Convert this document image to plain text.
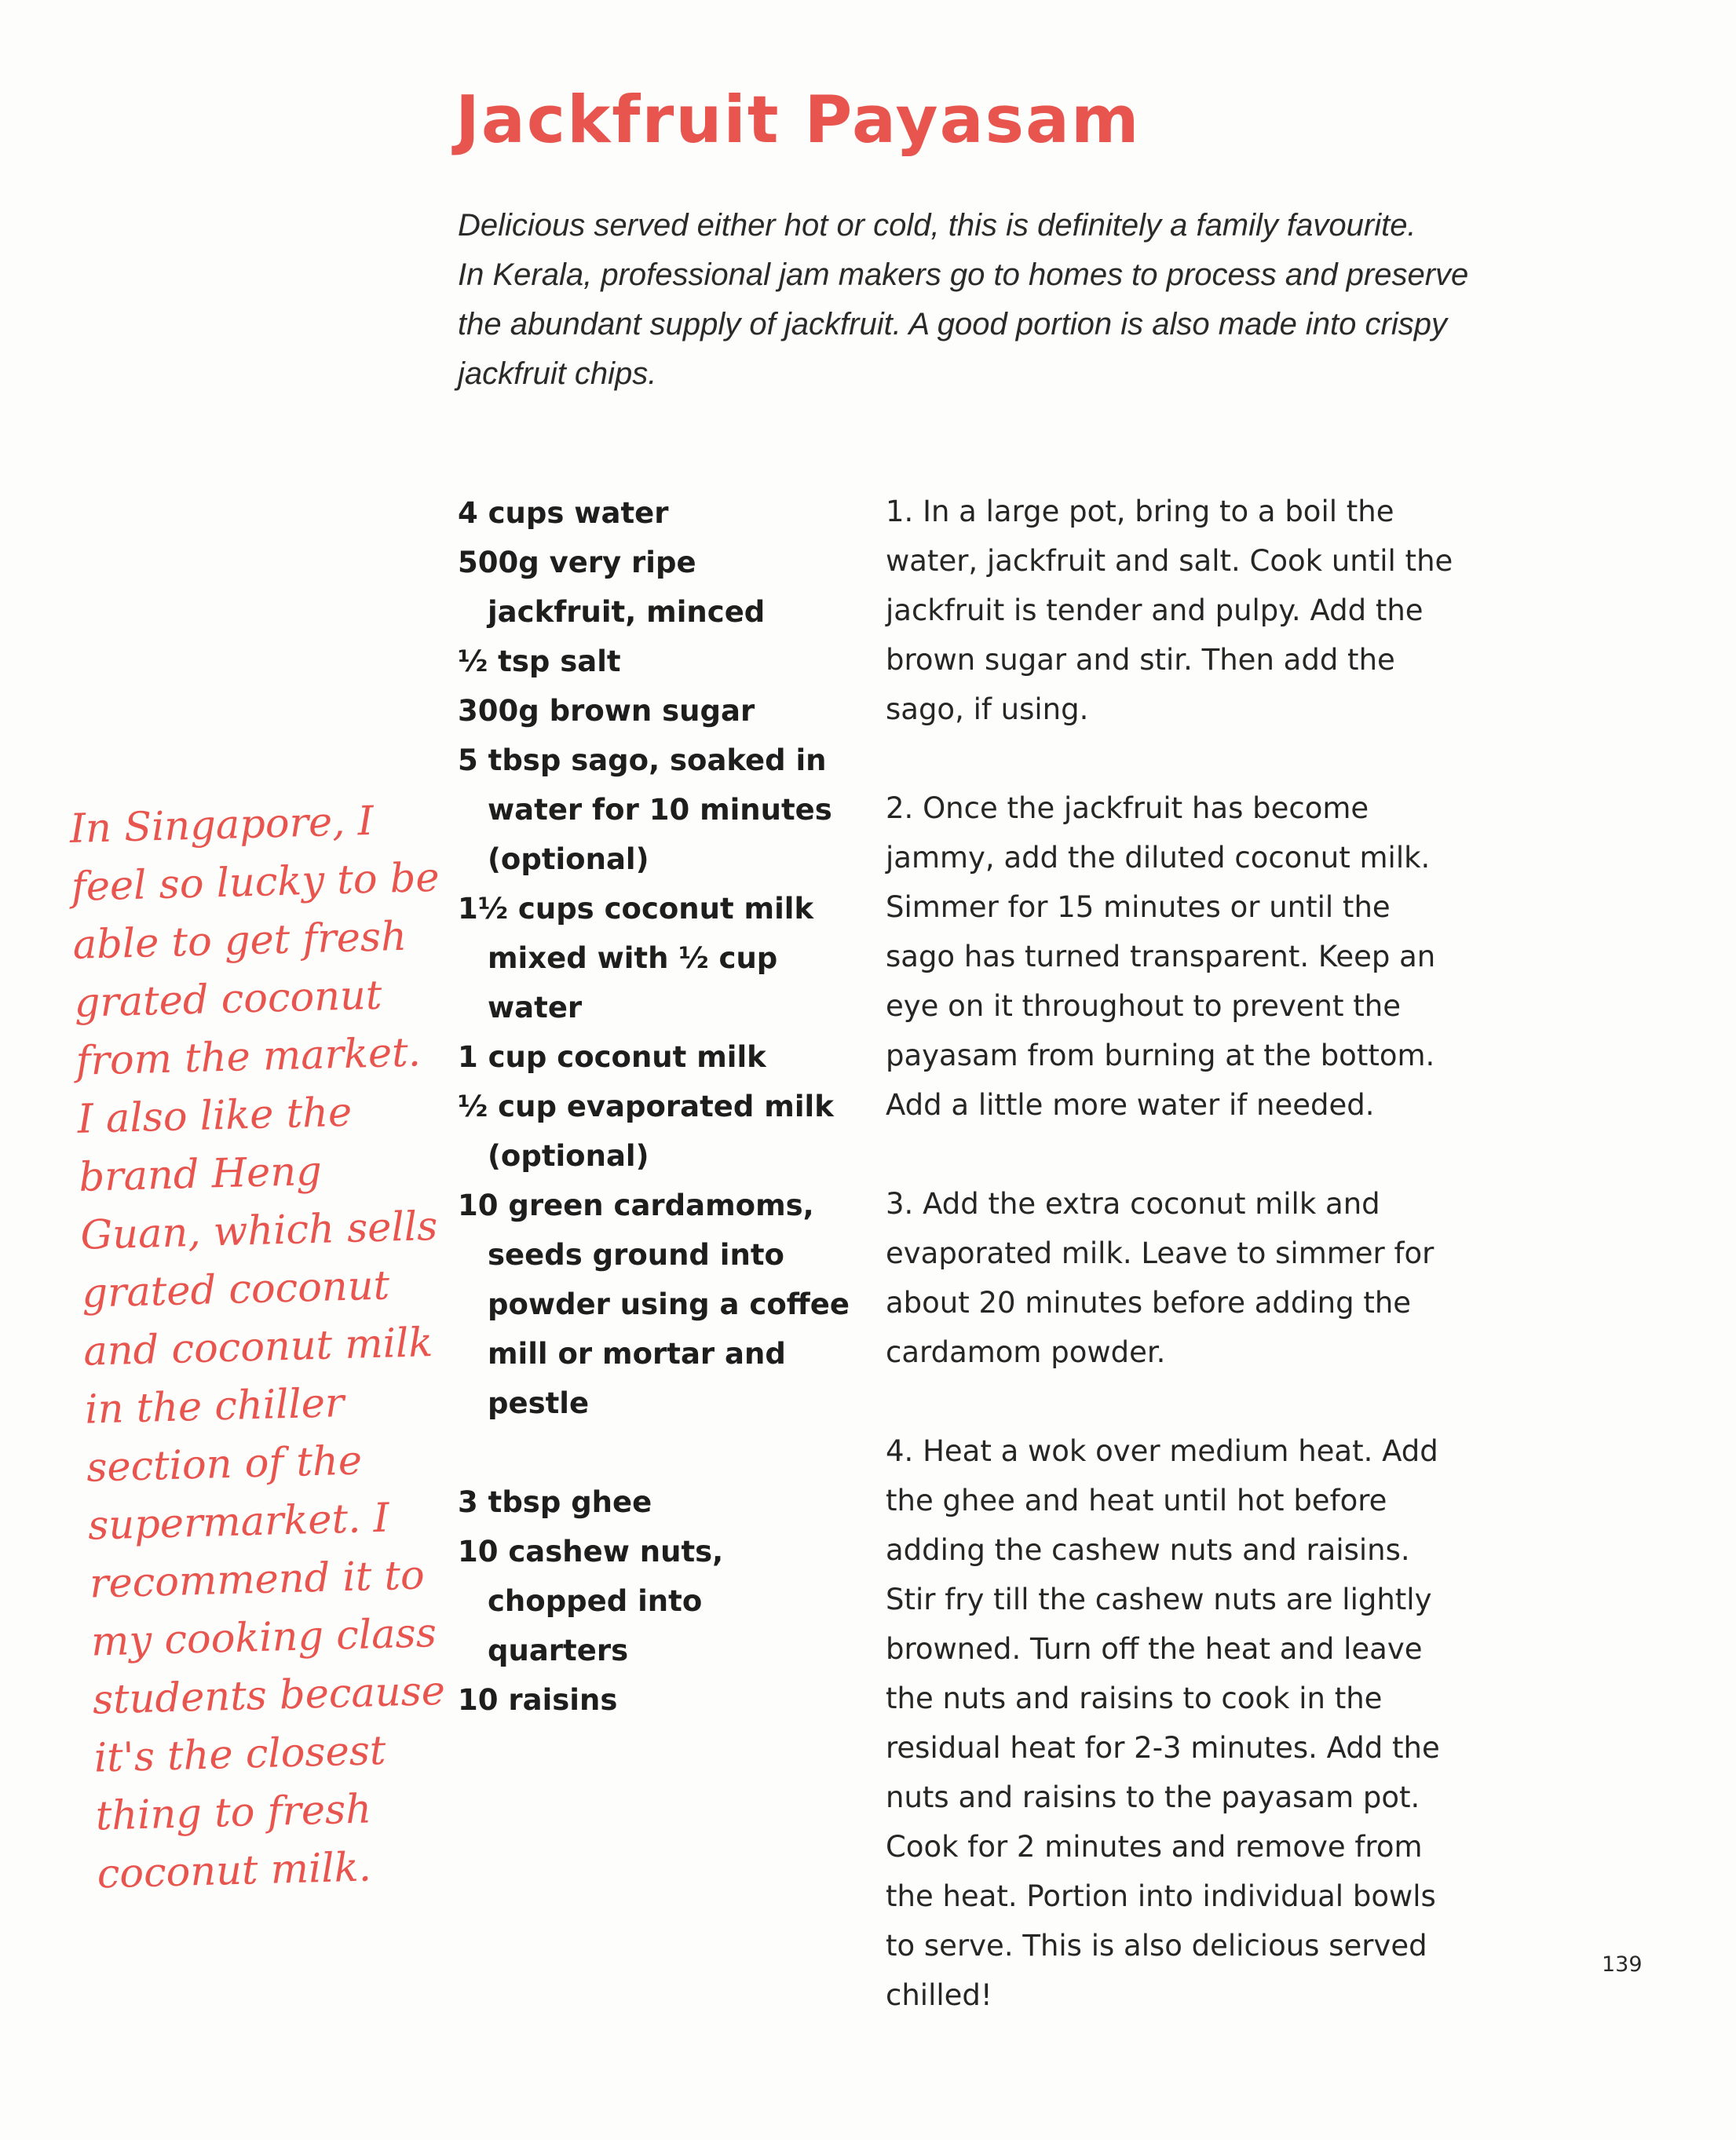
Jackfruit Payasam

Delicious served either hot or cold, this is definitely a family favourite.

In Kerala, professional jam makers go to homes to process and preserve

the abundant supply of jackfruit. A good portion is also made into crispy

jackfruit chips.

4 cups water
500g very ripe jackfruit, minced
½ tsp salt
300g brown sugar
5 tbsp sago, soaked in water for 10 minutes (optional)
1½ cups coconut milk mixed with ½ cup water
1 cup coconut milk
½ cup evaporated milk (optional)
10 green cardamoms, seeds ground into powder using a coffee mill or mortar and pestle
3 tbsp ghee
10 cashew nuts, chopped into quarters
10 raisins

1. In a large pot, bring to a boil the water, jackfruit and salt. Cook until the jackfruit is tender and pulpy. Add the brown sugar and stir. Then add the sago, if using.

2. Once the jackfruit has become jammy, add the diluted coconut milk. Simmer for 15 minutes or until the sago has turned transparent. Keep an eye on it throughout to prevent the payasam from burning at the bottom. Add a little more water if needed.

3. Add the extra coconut milk and evaporated milk. Leave to simmer for about 20 minutes before adding the cardamom powder.

4. Heat a wok over medium heat. Add the ghee and heat until hot before adding the cashew nuts and raisins. Stir fry till the cashew nuts are lightly browned. Turn off the heat and leave the nuts and raisins to cook in the residual heat for 2-3 minutes. Add the nuts and raisins to the payasam pot. Cook for 2 minutes and remove from the heat. Portion into individual bowls to serve. This is also delicious served chilled!

In Singapore, I feel so lucky to be able to get fresh grated coconut from the market. I also like the brand Heng Guan, which sells grated coconut and coconut milk in the chiller section of the supermarket. I recommend it to my cooking class students because it's the closest thing to fresh coconut milk.
139
